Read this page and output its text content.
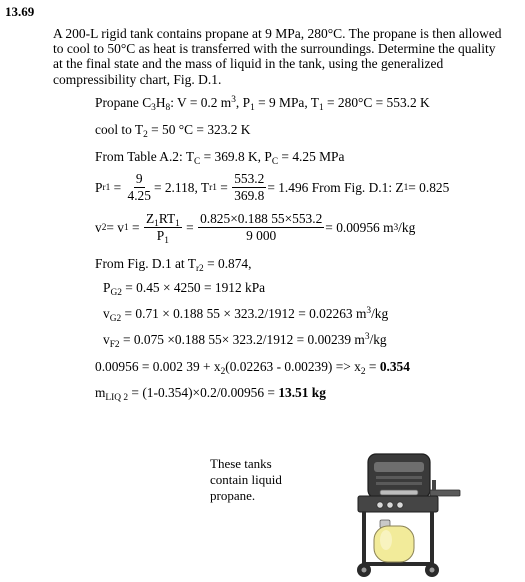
13.69
A 200-L rigid tank contains propane at 9 MPa, 280°C. The propane is then allowed to cool to 50°C as heat is transferred with the surroundings. Determine the quality at the final state and the mass of liquid in the tank, using the generalized compressibility chart, Fig. D.1.
Propane $C_3H_8$: V = 0.2 $m^3$, $P_1 = 9$ MPa, $T_1 = 280^\circ C = 553.2$ K
cool to $T_2 = 50$ °C = 323.2 K
From Table A.2: $T_C = 369.8$ K, $P_C = 4.25$ MPa
P $r1 = \frac{9}{4.25} = 2.118$, T $r1 = \frac{553.2}{369.8} = 1.496$ From Fig. D.1: Z 1 = 0.825
v 2 = v $1 = \frac{Z_1RT_1}{P_1} = \frac{0.825\times 0.188 55\times 553.2}{9 000} = 0.00956$ m 3 /kg
From Fig. D.1 at $T_{r2} = 0.874$,
$P_{G2} = 0.45 \times 4250 = 1912$ kPa
$v_{G2} = 0.71 \times 0.188$ 55 × 323.2/1912 = 0.02263 $m^3/kg$
$v_{F2} = 0.075 \times 0.188$ 55× 323.2/1912 = 0.00239 $m^3/kg$
0.00956 = 0.002 $39 + x_2(0.02263 - 0.00239) => x_2 = 0.354$
$m_{LIQ 2} = (1-0.354)\times 0.2/0.00956 = 13.51$ kg
These tanks
contain liquid
propane.
